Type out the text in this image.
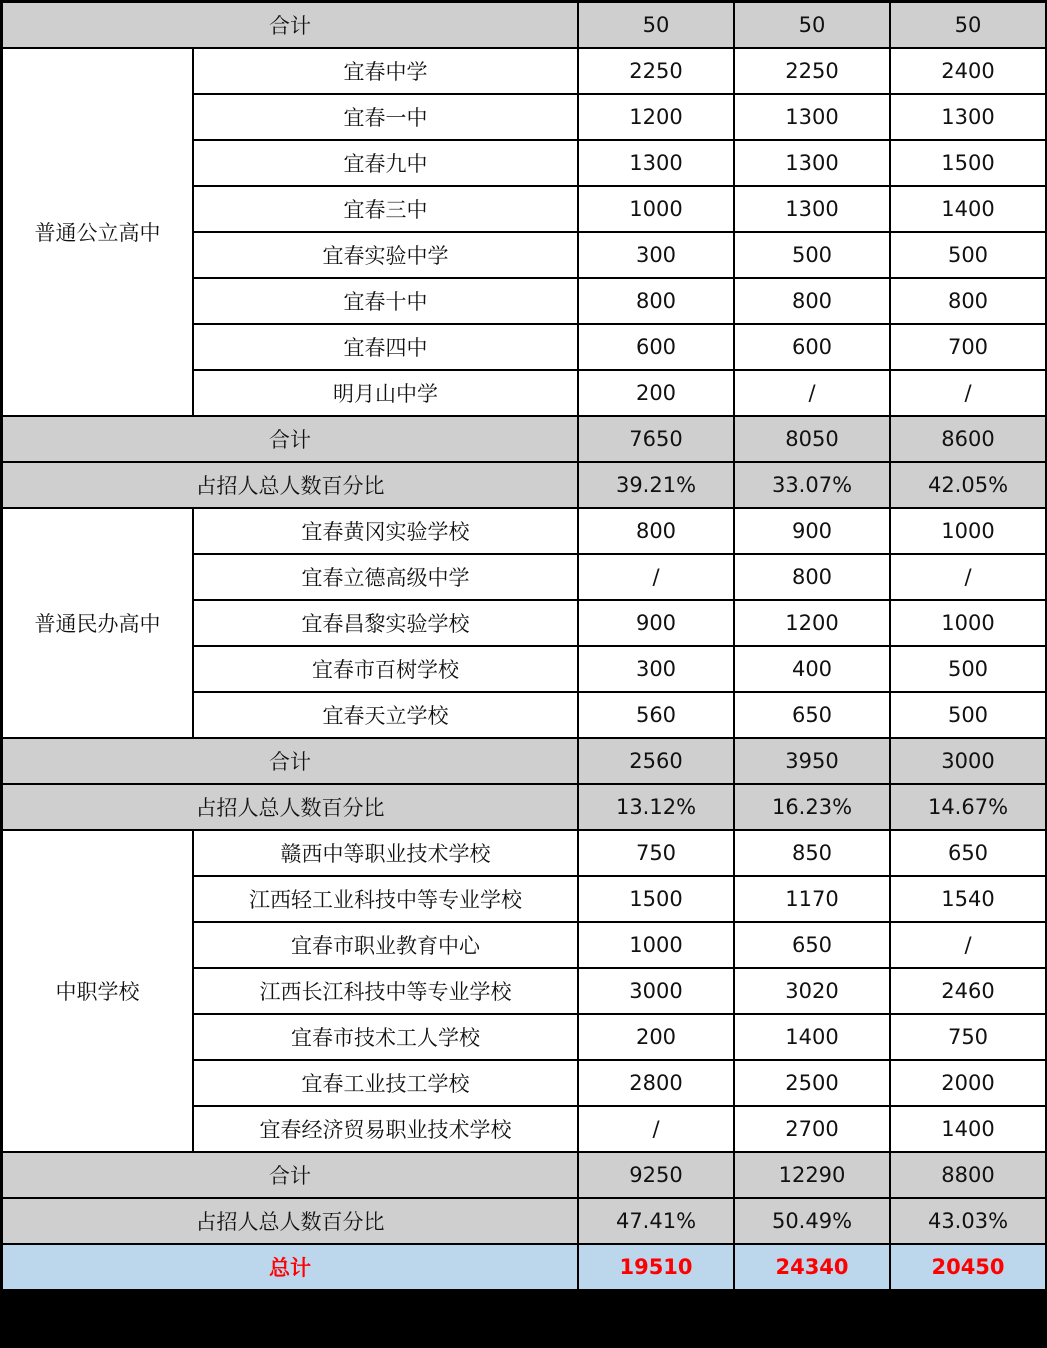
合计		50	50	50
普通公立高中	宜春中学	2250	2250	2400
	宜春一中	1200	1300	1300
	宜春九中	1300	1300	1500
	宜春三中	1000	1300	1400
	宜春实验中学	300	500	500
	宜春十中	800	800	800
	宜春四中	600	600	700
	明月山中学	200	/	/
合计		7650	8050	8600
占招人总人数百分比		39.21%	33.07%	42.05%
普通民办高中	宜春黄冈实验学校	800	900	1000
	宜春立德高级中学	/	800	/
	宜春昌黎实验学校	900	1200	1000
	宜春市百树学校	300	400	500
	宜春天立学校	560	650	500
合计		2560	3950	3000
占招人总人数百分比		13.12%	16.23%	14.67%
中职学校	赣西中等职业技术学校	750	850	650
	江西轻工业科技中等专业学校	1500	1170	1540
	宜春市职业教育中心	1000	650	/
	江西长江科技中等专业学校	3000	3020	2460
	宜春市技术工人学校	200	1400	750
	宜春工业技工学校	2800	2500	2000
	宜春经济贸易职业技术学校	/	2700	1400
合计		9250	12290	8800
占招人总人数百分比		47.41%	50.49%	43.03%
总计		19510	24340	20450
